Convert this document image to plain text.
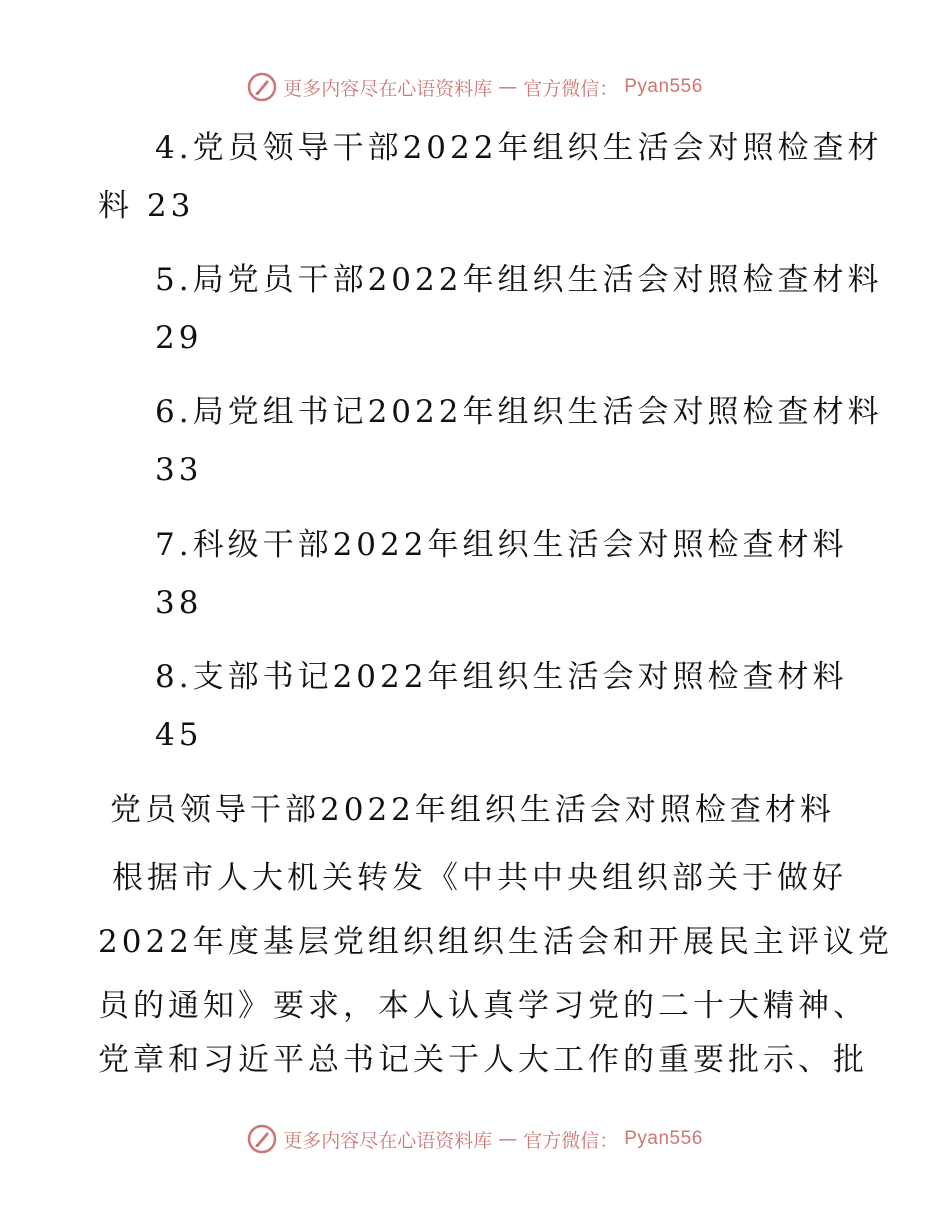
更多内容尽在心语资料库 — 官方微信： Pyan556
4.党员领导干部2022年组织生活会对照检查材
料 23
5.局党员干部2022年组织生活会对照检查材料
29
6.局党组书记2022年组织生活会对照检查材料
33
7.科级干部2022年组织生活会对照检查材料
38
8.支部书记2022年组织生活会对照检查材料
45
党员领导干部2022年组织生活会对照检查材料
根据市人大机关转发《中共中央组织部关于做好
2022年度基层党组织组织生活会和开展民主评议党
员的通知》要求，本人认真学习党的二十大精神、
党章和习近平总书记关于人大工作的重要批示、批
更多内容尽在心语资料库 — 官方微信： Pyan556
